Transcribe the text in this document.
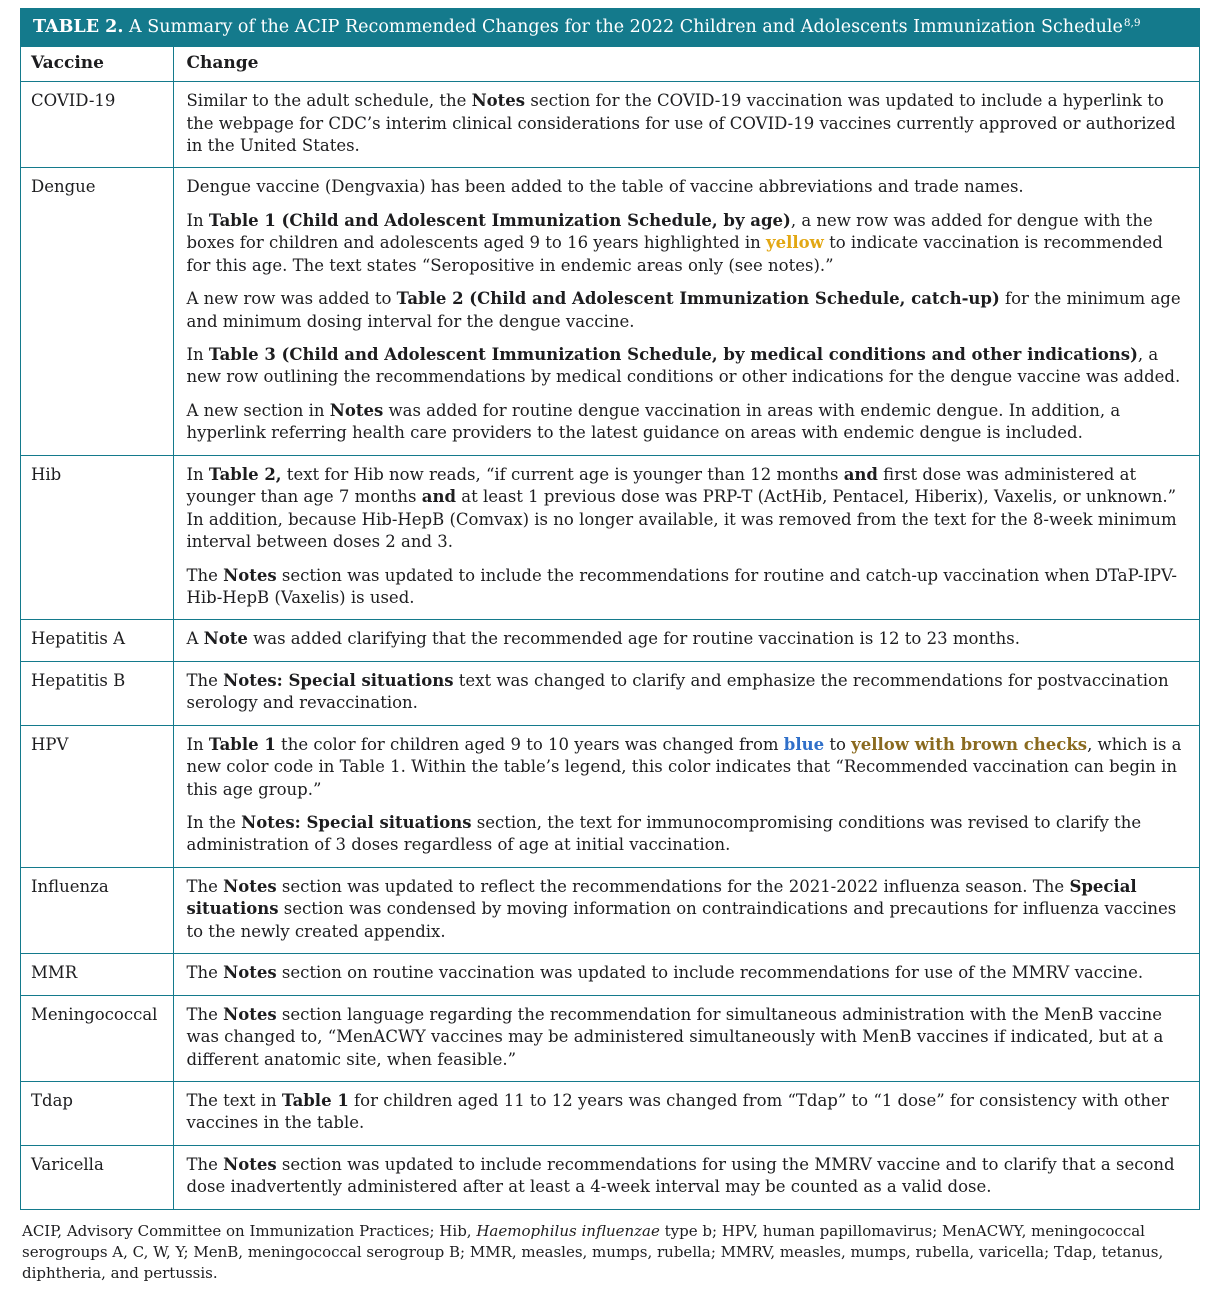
TABLE 2. A Summary of the ACIP Recommended Changes for the 2022 Children and Adolescents Immunization Schedule$^{8,9}$
Vaccine	Change
COVID-19	Similar to the adult schedule, the Notes section for the COVID-19 vaccination was updated to include a hyperlink to the webpage for CDC’s interim clinical considerations for use of COVID-19 vaccines currently approved or authorized in the United States.

Dengue	Dengue vaccine (Dengvaxia) has been added to the table of vaccine abbreviations and trade names.
In Table 1 (Child and Adolescent Immunization Schedule, by age), a new row was added for dengue with the boxes for children and adolescents aged 9 to 16 years highlighted in yellow to indicate vaccination is recommended for this age. The text states “Seropositive in endemic areas only (see notes).”
A new row was added to Table 2 (Child and Adolescent Immunization Schedule, catch-up) for the minimum age and minimum dosing interval for the dengue vaccine.
In Table 3 (Child and Adolescent Immunization Schedule, by medical conditions and other indications), a new row outlining the recommendations by medical conditions or other indications for the dengue vaccine was added.
A new section in Notes was added for routine dengue vaccination in areas with endemic dengue. In addition, a hyperlink referring health care providers to the latest guidance on areas with endemic dengue is included.

Hib	In Table 2, text for Hib now reads, “if current age is younger than 12 months and first dose was administered at younger than age 7 months and at least 1 previous dose was PRP-T (ActHib, Pentacel, Hiberix), Vaxelis, or unknown.” In addition, because Hib-HepB (Comvax) is no longer available, it was removed from the text for the 8-week minimum interval between doses 2 and 3.
The Notes section was updated to include the recommendations for routine and catch-up vaccination when DTaP-IPV-Hib-HepB (Vaxelis) is used.

Hepatitis A	A Note was added clarifying that the recommended age for routine vaccination is 12 to 23 months.

Hepatitis B	The Notes: Special situations text was changed to clarify and emphasize the recommendations for postvaccination serology and revaccination.

HPV	In Table 1 the color for children aged 9 to 10 years was changed from blue to yellow with brown checks, which is a new color code in Table 1. Within the table’s legend, this color indicates that “Recommended vaccination can begin in this age group.”
In the Notes: Special situations section, the text for immunocompromising conditions was revised to clarify the administration of 3 doses regardless of age at initial vaccination.

Influenza	The Notes section was updated to reflect the recommendations for the 2021-2022 influenza season. The Special situations section was condensed by moving information on contraindications and precautions for influenza vaccines to the newly created appendix.

MMR	The Notes section on routine vaccination was updated to include recommendations for use of the MMRV vaccine.

Meningococcal	The Notes section language regarding the recommendation for simultaneous administration with the MenB vaccine was changed to, “MenACWY vaccines may be administered simultaneously with MenB vaccines if indicated, but at a different anatomic site, when feasible.”

Tdap	The text in Table 1 for children aged 11 to 12 years was changed from “Tdap” to “1 dose” for consistency with other vaccines in the table.

Varicella	The Notes section was updated to include recommendations for using the MMRV vaccine and to clarify that a second dose inadvertently administered after at least a 4-week interval may be counted as a valid dose.

ACIP, Advisory Committee on Immunization Practices; Hib, Haemophilus influenzae type b; HPV, human papillomavirus; MenACWY, meningococcal serogroups A, C, W, Y; MenB, meningococcal serogroup B; MMR, measles, mumps, rubella; MMRV, measles, mumps, rubella, varicella; Tdap, tetanus, diphtheria, and pertussis.
